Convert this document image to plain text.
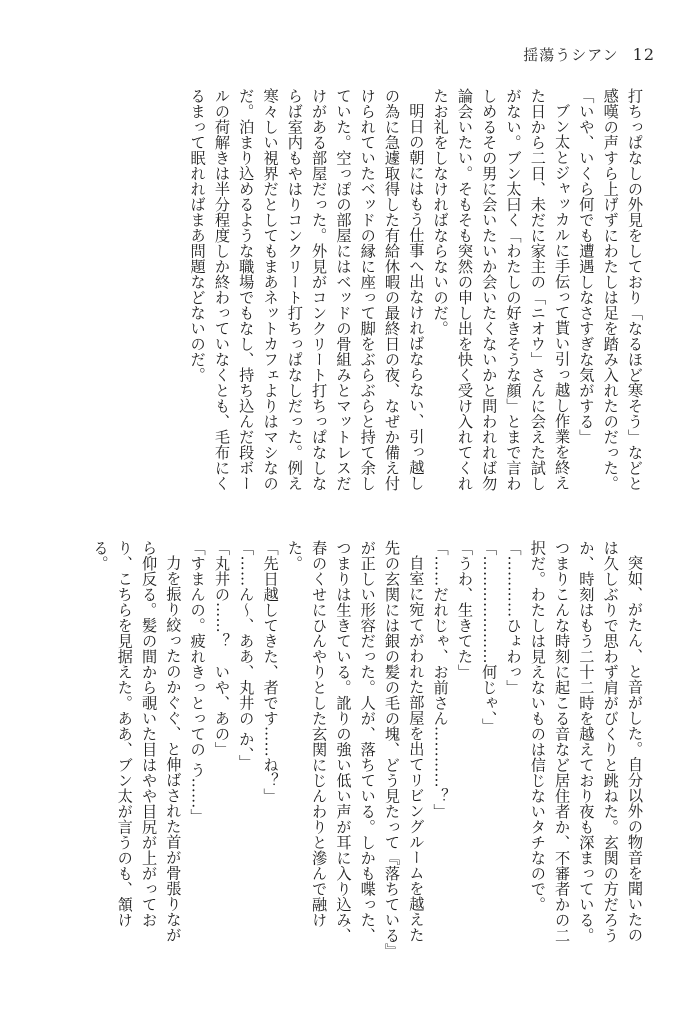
揺蕩うシアン 12

打ちっぱなしの外見をしており「なるほど寒そう」などと感嘆の声すら上げずにわたしは足を踏み入れたのだった。

「いや、いくら何でも遭遇しなさすぎな気がする」

ブン太とジャッカルに手伝って貰い引っ越し作業を終えた日から二日、未だに家主の「ニオウ」さんに会えた試しがない。ブン太曰く「わたしの好きそうな顔」とまで言わしめるその男に会いたいか会いたくないかと問われれば勿論会いたい。そもそも突然の申し出を快く受け入れてくれたお礼をしなければならないのだ。

明日の朝にはもう仕事へ出なければならない、引っ越しの為に急遽取得した有給休暇の最終日の夜、なぜか備え付けられていたベッドの縁に座って脚をぶらぶらと持て余していた。空っぽの部屋にはベッドの骨組みとマットレスだけがある部屋だった。外見がコンクリート打ちっぱなしならば室内もやはりコンクリート打ちっぱなしだった。例え寒々しい視界だとしてもまあネットカフェよりはマシなのだ。泊まり込めるような職場でもなし、持ち込んだ段ボールの荷解きは半分程度しか終わっていなくとも、毛布にくるまって眠れればまあ問題などないのだ。

突如、がたん、と音がした。自分以外の物音を聞いたのは久しぶりで思わず肩がびくりと跳ねた。玄関の方だろうか、時刻はもう二十二時を越えており夜も深まっている。つまりこんな時刻に起こる音など居住者か、不審者かの二択だ。わたしは見えないものは信じないタチなので。

「…………ひょわっ」

「…………………何じゃ、」

「うわ、生きてた」

「……だれじゃ、お前さん…………？」

自室に宛てがわれた部屋を出てリビングルームを越えた先の玄関には銀の髪の毛の塊、どう見たって『落ちている』が正しい形容だった。人が、落ちている。しかも喋った、つまりは生きている。訛りの強い低い声が耳に入り込み、春のくせにひんやりとした玄関にじんわりと滲んで融けた。

「先日越してきた、者です……ね？」

「……ん〜、ああ、丸井の か、」

「丸井の……？　いや、あの」

「すまんの。疲れきっとっての う……」

力を振り絞ったのかぐぐ、と伸ばされた首が骨張りながら仰反る。髪の間から覗いた目はやや目尻が上がっており、こちらを見据えた。ああ、ブン太が言うのも、頷ける。
